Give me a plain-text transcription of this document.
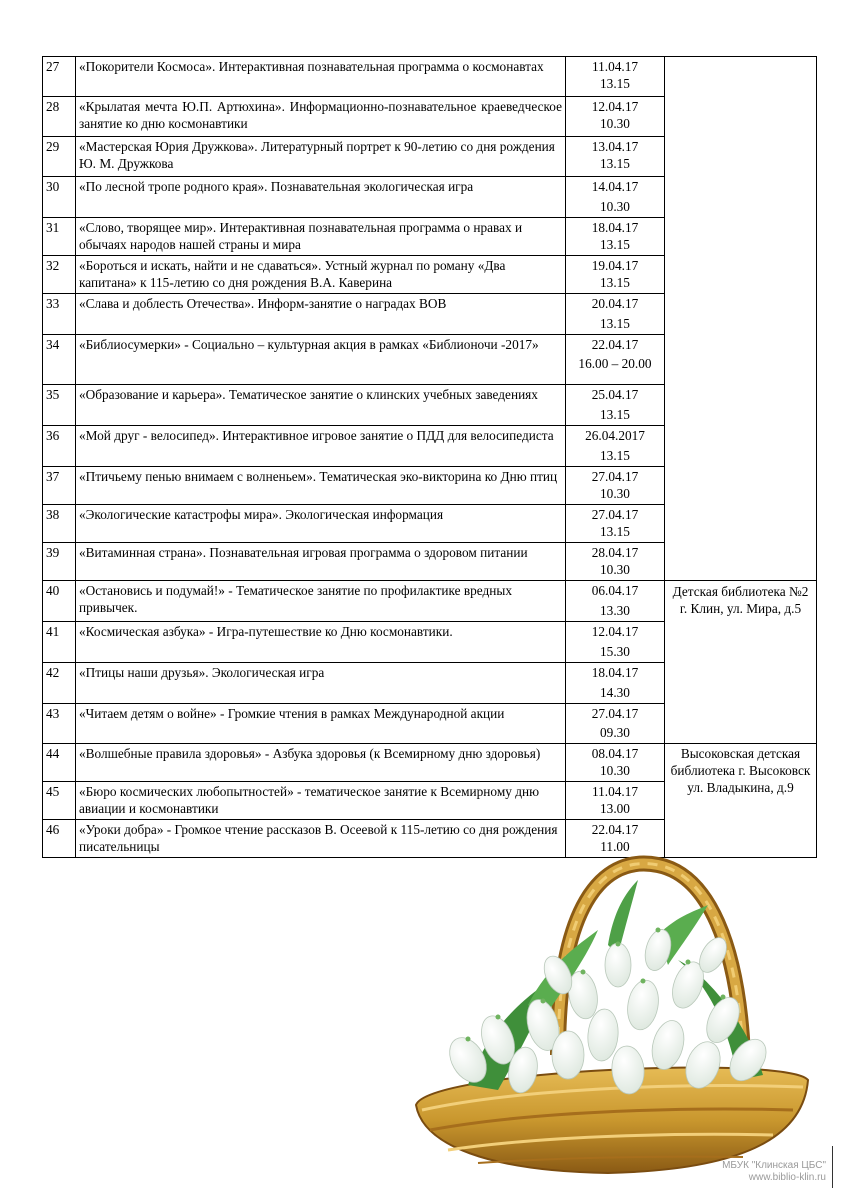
27	«Покорители Космоса». Интерактивная познавательная программа о космонавтах	11.04.17
13.15	

28	«Крылатая мечта Ю.П. Артюхина». Информационно-познавательное краеведческое занятие ко дню космонавтики	12.04.17
10.30	

29	«Мастерская Юрия Дружкова». Литературный портрет к 90-летию со дня рождения Ю. М. Дружкова	13.04.17
13.15	

30	«По лесной тропе родного края». Познавательная экологическая игра	14.04.17
10.30	

31	«Слово, творящее мир». Интерактивная познавательная программа о нравах и обычаях народов нашей страны и мира	18.04.17
13.15	

32	«Бороться и искать, найти и не сдаваться». Устный журнал по роману «Два капитана» к 115-летию со дня рождения В.А. Каверина	19.04.17
13.15	

33	«Слава и доблесть Отечества». Информ-занятие о наградах ВОВ	20.04.17
13.15	

34	«Библиосумерки» - Социально – культурная акция в рамках «Библионочи -2017»	22.04.17
16.00 – 20.00	

35	«Образование и карьера». Тематическое занятие о клинских учебных заведениях	25.04.17
13.15	

36	«Мой друг - велосипед». Интерактивное игровое занятие о ПДД для велосипедиста	26.04.2017
13.15	

37	«Птичьему пенью внимаем с волненьем». Тематическая эко-викторина ко Дню птиц	27.04.17
10.30	

38	«Экологические катастрофы мира». Экологическая информация	27.04.17
13.15	

39	«Витаминная страна». Познавательная игровая программа о здоровом питании	28.04.17
10.30	

40	«Остановись и подумай!» - Тематическое занятие по профилактике вредных привычек.	06.04.17
13.30	Детская библиотека №2 г. Клин, ул. Мира, д.5
41	«Космическая азбука» - Игра-путешествие ко Дню космонавтики.	12.04.17
15.30	

42	«Птицы наши друзья». Экологическая игра	18.04.17
14.30	

43	«Читаем детям о войне» - Громкие чтения в рамках Международной акции	27.04.17
09.30	

44	«Волшебные правила здоровья» - Азбука здоровья (к Всемирному дню здоровья)	08.04.17
10.30	Высоковская детская библиотека г. Высоковск ул. Владыкина, д.9
45	«Бюро космических любопытностей» - тематическое занятие к Всемирному дню авиации и космонавтики	11.04.17
13.00	

46	«Уроки добра» - Громкое чтение рассказов В. Осеевой к 115-летию со дня рождения писательницы	22.04.17
11.00	
МБУК "Клинская ЦБС"
www.biblio-klin.ru
